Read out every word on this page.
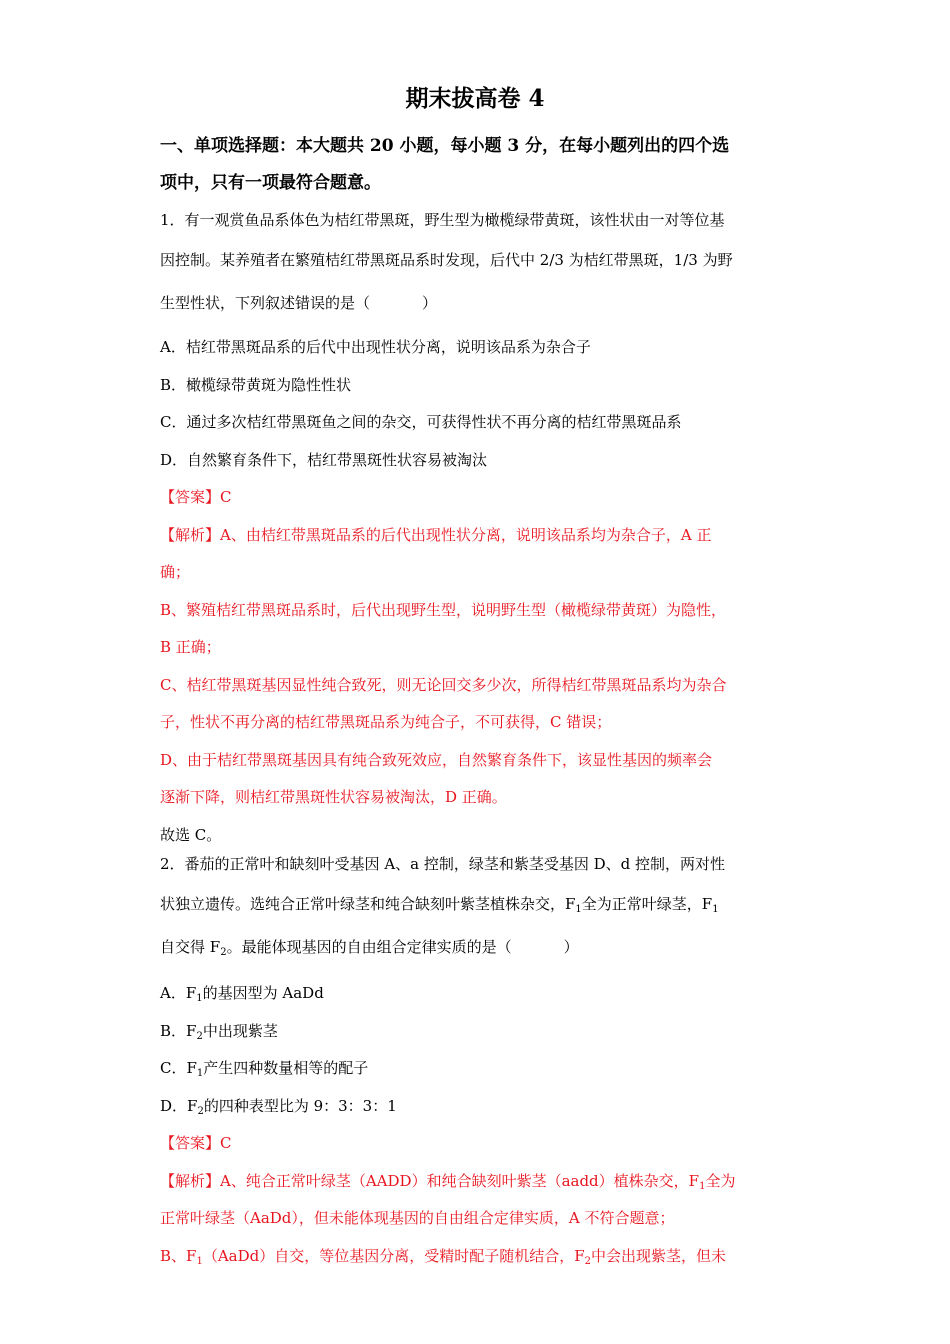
期末拔高卷 4
一、单项选择题：本大题共 20 小题，每小题 3 分，在每小题列出的四个选
项中，只有一项最符合题意。
1．有一观赏鱼品系体色为桔红带黑斑，野生型为橄榄绿带黄斑，该性状由一对等位基
因控制。某养殖者在繁殖桔红带黑斑品系时发现，后代中 2/3 为桔红带黑斑，1/3 为野
生型性状，下列叙述错误的是（	）
A．桔红带黑斑品系的后代中出现性状分离，说明该品系为杂合子
B．橄榄绿带黄斑为隐性性状
C．通过多次桔红带黑斑鱼之间的杂交，可获得性状不再分离的桔红带黑斑品系
D．自然繁育条件下，桔红带黑斑性状容易被淘汰
【答案】C
【解析】A、由桔红带黑斑品系的后代出现性状分离，说明该品系均为杂合子，A 正
确；
B、繁殖桔红带黑斑品系时，后代出现野生型，说明野生型（橄榄绿带黄斑）为隐性，
B 正确；
C、桔红带黑斑基因显性纯合致死，则无论回交多少次，所得桔红带黑斑品系均为杂合
子，性状不再分离的桔红带黑斑品系为纯合子，不可获得，C 错误；
D、由于桔红带黑斑基因具有纯合致死效应，自然繁育条件下，该显性基因的频率会
逐渐下降，则桔红带黑斑性状容易被淘汰，D 正确。
故选 C。
2．番茄的正常叶和缺刻叶受基因 A、a 控制，绿茎和紫茎受基因 D、d 控制，两对性
状独立遗传。选纯合正常叶绿茎和纯合缺刻叶紫茎植株杂交，$F_1$全为正常叶绿茎，$F_1$
自交得 $F_2$。最能体现基因的自由组合定律实质的是（	）
A．$F_1$的基因型为 AaDd
B．$F_2$中出现紫茎
C．$F_1$产生四种数量相等的配子
D．$F_2$的四种表型比为 9：3：3：1
【答案】C
【解析】A、纯合正常叶绿茎（AADD）和纯合缺刻叶紫茎（aadd）植株杂交，$F_1$全为
正常叶绿茎（AaDd），但未能体现基因的自由组合定律实质，A 不符合题意；
B、$F_1(AaDd)$自交，等位基因分离，受精时配子随机结合，$F_2$中会出现紫茎，但未
